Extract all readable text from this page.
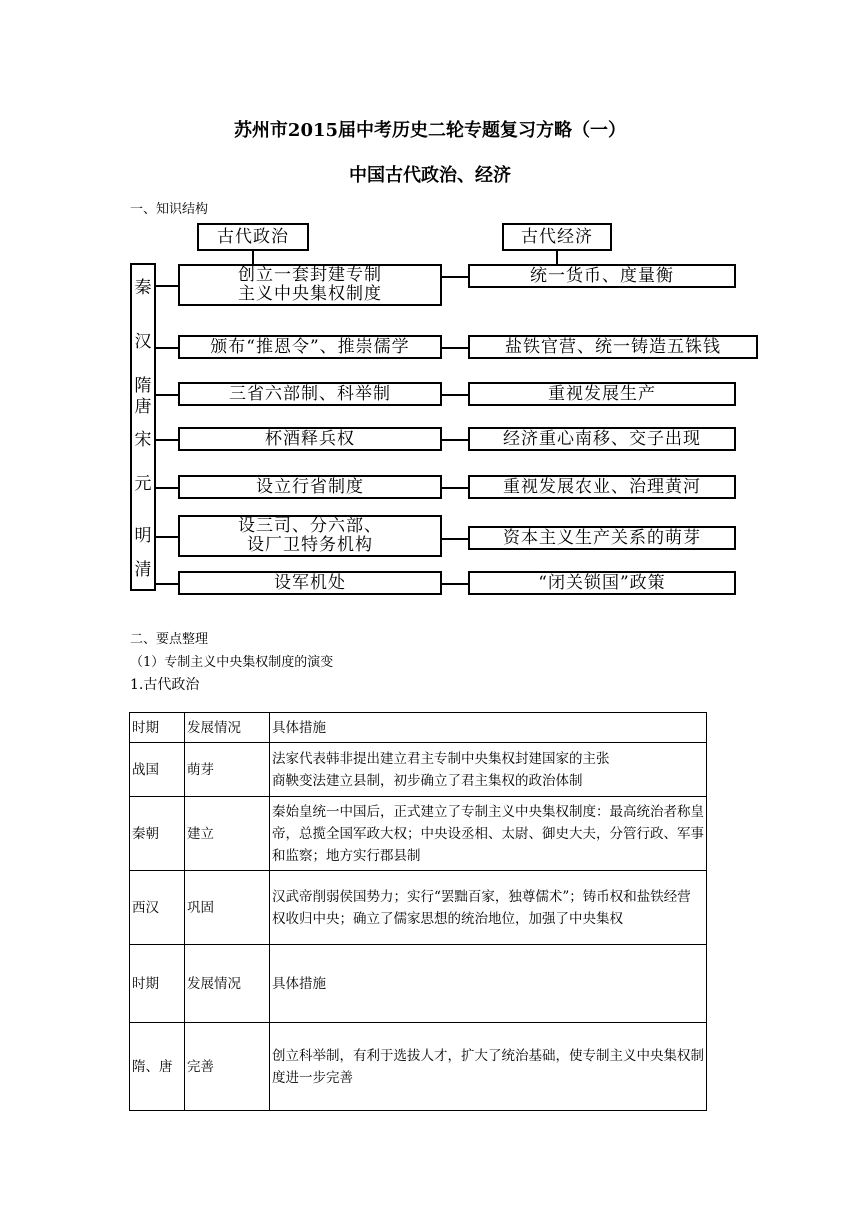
苏州市2015届中考历史二轮专题复习方略（一）
中国古代政治、经济
一、知识结构
古代政治	古代经济
秦
汉
隋
唐
宋
元
明
清
创立一套封建专制
主义中央集权制度
颁布“推恩令”、推崇儒学
三省六部制、科举制
杯酒释兵权
设立行省制度
设三司、分六部、
设厂卫特务机构
设军机处
统一货币、度量衡
盐铁官营、统一铸造五铢钱
重视发展生产
经济重心南移、交子出现
重视发展农业、治理黄河
资本主义生产关系的萌芽
“闭关锁国”政策
二、要点整理
（1）专制主义中央集权制度的演变
1.古代政治
时期	发展情况	具体措施
战国	萌芽	法家代表韩非提出建立君主专制中央集权封建国家的主张
商鞅变法建立县制，初步确立了君主集权的政治体制
秦朝	建立	秦始皇统一中国后，正式建立了专制主义中央集权制度：最高统治者称皇帝，总揽全国军政大权；中央设丞相、太尉、御史大夫，分管行政、军事和监察；地方实行郡县制
西汉	巩固	汉武帝削弱侯国势力；实行“罢黜百家，独尊儒术”；铸币权和盐铁经营权收归中央；确立了儒家思想的统治地位，加强了中央集权
时期	发展情况	具体措施
隋、唐	完善	创立科举制，有利于选拔人才，扩大了统治基础，使专制主义中央集权制度进一步完善
